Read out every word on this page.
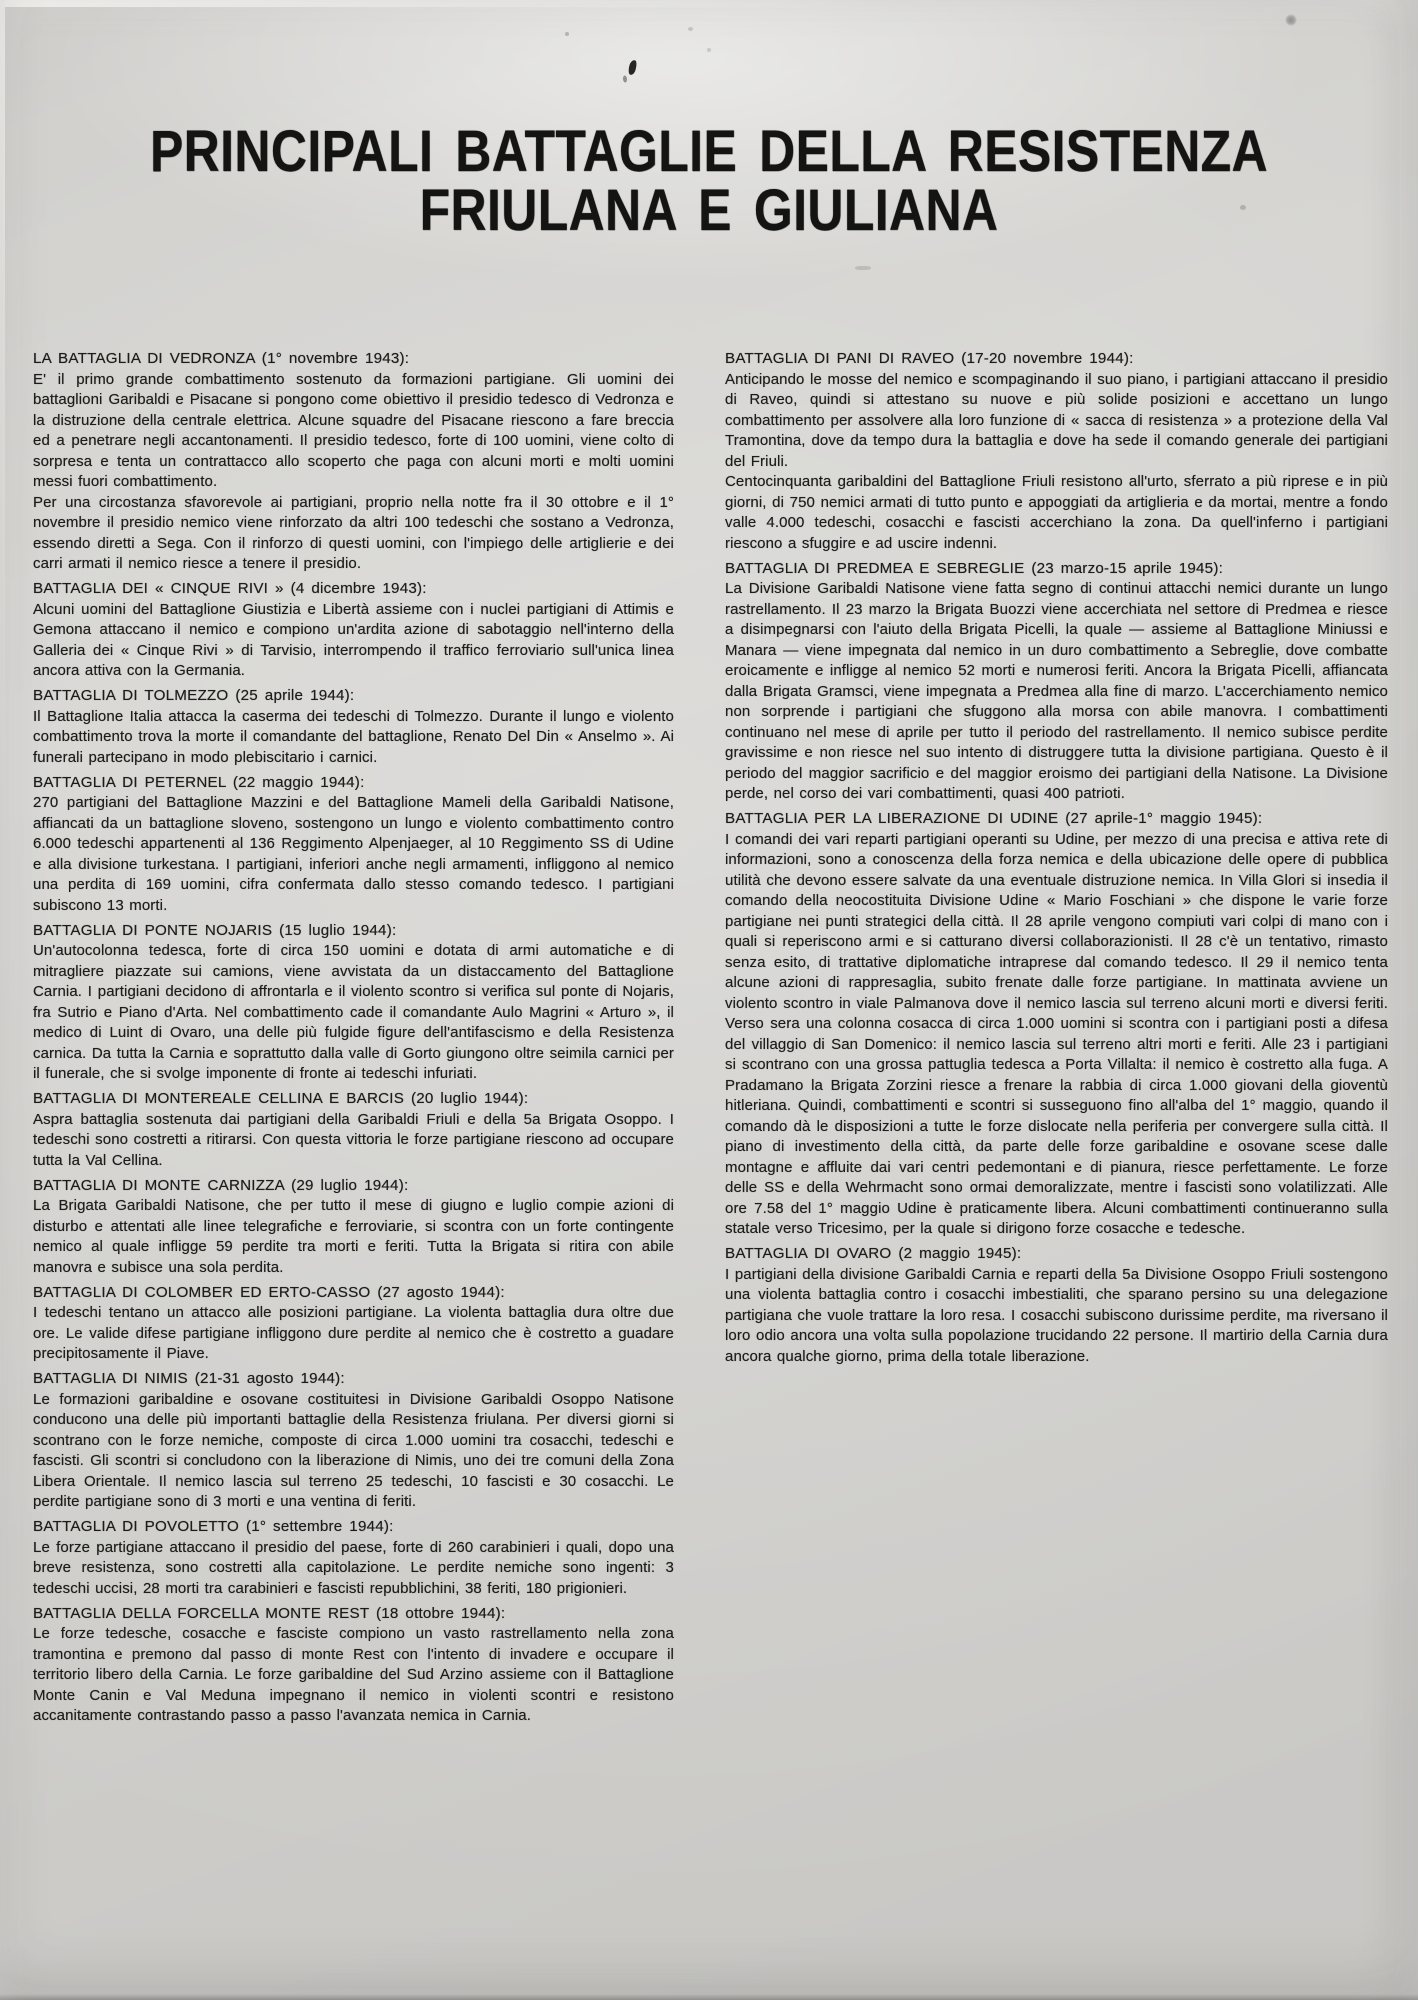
PRINCIPALI BATTAGLIE DELLA RESISTENZA
FRIULANA E GIULIANA
LA BATTAGLIA DI VEDRONZA (1° novembre 1943):

E' il primo grande combattimento sostenuto da formazioni partigiane. Gli uomini dei battaglioni Garibaldi e Pisacane si pongono come obiettivo il presidio tedesco di Vedronza e la distruzione della centrale elettrica. Alcune squadre del Pisacane riescono a fare breccia ed a penetrare negli accantonamenti. Il presidio tedesco, forte di 100 uomini, viene colto di sorpresa e tenta un contrattacco allo scoperto che paga con alcuni morti e molti uomini messi fuori combattimento.

Per una circostanza sfavorevole ai partigiani, proprio nella notte fra il 30 ottobre e il 1° novembre il presidio nemico viene rinforzato da altri 100 tedeschi che sostano a Vedronza, essendo diretti a Sega. Con il rinforzo di questi uomini, con l'impiego delle artiglierie e dei carri armati il nemico riesce a tenere il presidio.

BATTAGLIA DEI « CINQUE RIVI » (4 dicembre 1943):

Alcuni uomini del Battaglione Giustizia e Libertà assieme con i nuclei partigiani di Attimis e Gemona attaccano il nemico e compiono un'ardita azione di sabotaggio nell'interno della Galleria dei « Cinque Rivi » di Tarvisio, interrompendo il traffico ferroviario sull'unica linea ancora attiva con la Germania.

BATTAGLIA DI TOLMEZZO (25 aprile 1944):

Il Battaglione Italia attacca la caserma dei tedeschi di Tolmezzo. Durante il lungo e violento combattimento trova la morte il comandante del battaglione, Renato Del Din « Anselmo ». Ai funerali partecipano in modo plebiscitario i carnici.

BATTAGLIA DI PETERNEL (22 maggio 1944):

270 partigiani del Battaglione Mazzini e del Battaglione Mameli della Garibaldi Natisone, affiancati da un battaglione sloveno, sostengono un lungo e violento combattimento contro 6.000 tedeschi appartenenti al 136 Reggimento Alpenjaeger, al 10 Reggimento SS di Udine e alla divisione turkestana. I partigiani, inferiori anche negli armamenti, infliggono al nemico una perdita di 169 uomini, cifra confermata dallo stesso comando tedesco. I partigiani subiscono 13 morti.

BATTAGLIA DI PONTE NOJARIS (15 luglio 1944):

Un'autocolonna tedesca, forte di circa 150 uomini e dotata di armi automatiche e di mitragliere piazzate sui camions, viene avvistata da un distaccamento del Battaglione Carnia. I partigiani decidono di affrontarla e il violento scontro si verifica sul ponte di Nojaris, fra Sutrio e Piano d'Arta. Nel combattimento cade il comandante Aulo Magrini « Arturo », il medico di Luint di Ovaro, una delle più fulgide figure dell'antifascismo e della Resistenza carnica. Da tutta la Carnia e soprattutto dalla valle di Gorto giungono oltre seimila carnici per il funerale, che si svolge imponente di fronte ai tedeschi infuriati.

BATTAGLIA DI MONTEREALE CELLINA E BARCIS (20 luglio 1944):

Aspra battaglia sostenuta dai partigiani della Garibaldi Friuli e della 5a Brigata Osoppo. I tedeschi sono costretti a ritirarsi. Con questa vittoria le forze partigiane riescono ad occupare tutta la Val Cellina.

BATTAGLIA DI MONTE CARNIZZA (29 luglio 1944):

La Brigata Garibaldi Natisone, che per tutto il mese di giugno e luglio compie azioni di disturbo e attentati alle linee telegrafiche e ferroviarie, si scontra con un forte contingente nemico al quale infligge 59 perdite tra morti e feriti. Tutta la Brigata si ritira con abile manovra e subisce una sola perdita.

BATTAGLIA DI COLOMBER ED ERTO-CASSO (27 agosto 1944):

I tedeschi tentano un attacco alle posizioni partigiane. La violenta battaglia dura oltre due ore. Le valide difese partigiane infliggono dure perdite al nemico che è costretto a guadare precipitosamente il Piave.

BATTAGLIA DI NIMIS (21-31 agosto 1944):

Le formazioni garibaldine e osovane costituitesi in Divisione Garibaldi Osoppo Natisone conducono una delle più importanti battaglie della Resistenza friulana. Per diversi giorni si scontrano con le forze nemiche, composte di circa 1.000 uomini tra cosacchi, tedeschi e fascisti. Gli scontri si concludono con la liberazione di Nimis, uno dei tre comuni della Zona Libera Orientale. Il nemico lascia sul terreno 25 tedeschi, 10 fascisti e 30 cosacchi. Le perdite partigiane sono di 3 morti e una ventina di feriti.

BATTAGLIA DI POVOLETTO (1° settembre 1944):

Le forze partigiane attaccano il presidio del paese, forte di 260 carabinieri i quali, dopo una breve resistenza, sono costretti alla capitolazione. Le perdite nemiche sono ingenti: 3 tedeschi uccisi, 28 morti tra carabinieri e fascisti repubblichini, 38 feriti, 180 prigionieri.

BATTAGLIA DELLA FORCELLA MONTE REST (18 ottobre 1944):

Le forze tedesche, cosacche e fasciste compiono un vasto rastrellamento nella zona tramontina e premono dal passo di monte Rest con l'intento di invadere e occupare il territorio libero della Carnia. Le forze garibaldine del Sud Arzino assieme con il Battaglione Monte Canin e Val Meduna impegnano il nemico in violenti scontri e resistono accanitamente contrastando passo a passo l'avanzata nemica in Carnia.

BATTAGLIA DI PANI DI RAVEO (17-20 novembre 1944):

Anticipando le mosse del nemico e scompaginando il suo piano, i partigiani attaccano il presidio di Raveo, quindi si attestano su nuove e più solide posizioni e accettano un lungo combattimento per assolvere alla loro funzione di « sacca di resistenza » a protezione della Val Tramontina, dove da tempo dura la battaglia e dove ha sede il comando generale dei partigiani del Friuli.

Centocinquanta garibaldini del Battaglione Friuli resistono all'urto, sferrato a più riprese e in più giorni, di 750 nemici armati di tutto punto e appoggiati da artiglieria e da mortai, mentre a fondo valle 4.000 tedeschi, cosacchi e fascisti accerchiano la zona. Da quell'inferno i partigiani riescono a sfuggire e ad uscire indenni.

BATTAGLIA DI PREDMEA E SEBREGLIE (23 marzo-15 aprile 1945):

La Divisione Garibaldi Natisone viene fatta segno di continui attacchi nemici durante un lungo rastrellamento. Il 23 marzo la Brigata Buozzi viene accerchiata nel settore di Predmea e riesce a disimpegnarsi con l'aiuto della Brigata Picelli, la quale — assieme al Battaglione Miniussi e Manara — viene impegnata dal nemico in un duro combattimento a Sebreglie, dove combatte eroicamente e infligge al nemico 52 morti e numerosi feriti. Ancora la Brigata Picelli, affiancata dalla Brigata Gramsci, viene impegnata a Predmea alla fine di marzo. L'accerchiamento nemico non sorprende i partigiani che sfuggono alla morsa con abile manovra. I combattimenti continuano nel mese di aprile per tutto il periodo del rastrellamento. Il nemico subisce perdite gravissime e non riesce nel suo intento di distruggere tutta la divisione partigiana. Questo è il periodo del maggior sacrificio e del maggior eroismo dei partigiani della Natisone. La Divisione perde, nel corso dei vari combattimenti, quasi 400 patrioti.

BATTAGLIA PER LA LIBERAZIONE DI UDINE (27 aprile-1° maggio 1945):

I comandi dei vari reparti partigiani operanti su Udine, per mezzo di una precisa e attiva rete di informazioni, sono a conoscenza della forza nemica e della ubicazione delle opere di pubblica utilità che devono essere salvate da una eventuale distruzione nemica. In Villa Glori si insedia il comando della neocostituita Divisione Udine « Mario Foschiani » che dispone le varie forze partigiane nei punti strategici della città. Il 28 aprile vengono compiuti vari colpi di mano con i quali si reperiscono armi e si catturano diversi collaborazionisti. Il 28 c'è un tentativo, rimasto senza esito, di trattative diplomatiche intraprese dal comando tedesco. Il 29 il nemico tenta alcune azioni di rappresaglia, subito frenate dalle forze partigiane. In mattinata avviene un violento scontro in viale Palmanova dove il nemico lascia sul terreno alcuni morti e diversi feriti. Verso sera una colonna cosacca di circa 1.000 uomini si scontra con i partigiani posti a difesa del villaggio di San Domenico: il nemico lascia sul terreno altri morti e feriti. Alle 23 i partigiani si scontrano con una grossa pattuglia tedesca a Porta Villalta: il nemico è costretto alla fuga. A Pradamano la Brigata Zorzini riesce a frenare la rabbia di circa 1.000 giovani della gioventù hitleriana. Quindi, combattimenti e scontri si susseguono fino all'alba del 1° maggio, quando il comando dà le disposizioni a tutte le forze dislocate nella periferia per convergere sulla città. Il piano di investimento della città, da parte delle forze garibaldine e osovane scese dalle montagne e affluite dai vari centri pedemontani e di pianura, riesce perfettamente. Le forze delle SS e della Wehrmacht sono ormai demoralizzate, mentre i fascisti sono volatilizzati. Alle ore 7.58 del 1° maggio Udine è praticamente libera. Alcuni combattimenti continueranno sulla statale verso Tricesimo, per la quale si dirigono forze cosacche e tedesche.

BATTAGLIA DI OVARO (2 maggio 1945):

I partigiani della divisione Garibaldi Carnia e reparti della 5a Divisione Osoppo Friuli sostengono una violenta battaglia contro i cosacchi imbestialiti, che sparano persino su una delegazione partigiana che vuole trattare la loro resa. I cosacchi subiscono durissime perdite, ma riversano il loro odio ancora una volta sulla popolazione trucidando 22 persone. Il martirio della Carnia dura ancora qualche giorno, prima della totale liberazione.
